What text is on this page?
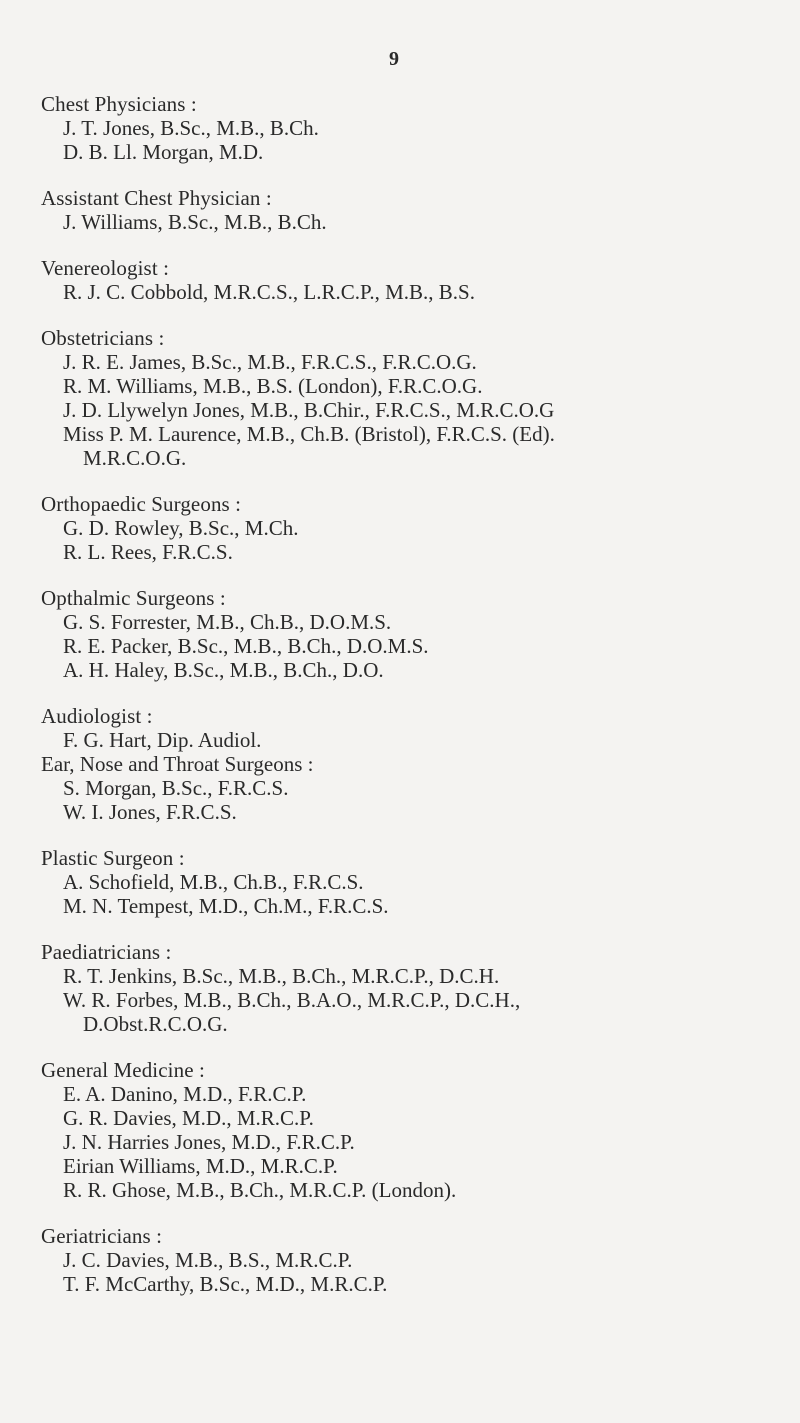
9
Chest Physicians :
J. T. Jones, B.Sc., M.B., B.Ch.
D. B. Ll. Morgan, M.D.
Assistant Chest Physician :
J. Williams, B.Sc., M.B., B.Ch.
Venereologist :
R. J. C. Cobbold, M.R.C.S., L.R.C.P., M.B., B.S.
Obstetricians :
J. R. E. James, B.Sc., M.B., F.R.C.S., F.R.C.O.G.
R. M. Williams, M.B., B.S. (London), F.R.C.O.G.
J. D. Llywelyn Jones, M.B., B.Chir., F.R.C.S., M.R.C.O.G
Miss P. M. Laurence, M.B., Ch.B. (Bristol), F.R.C.S. (Ed).
M.R.C.O.G.
Orthopaedic Surgeons :
G. D. Rowley, B.Sc., M.Ch.
R. L. Rees, F.R.C.S.
Opthalmic Surgeons :
G. S. Forrester, M.B., Ch.B., D.O.M.S.
R. E. Packer, B.Sc., M.B., B.Ch., D.O.M.S.
A. H. Haley, B.Sc., M.B., B.Ch., D.O.
Audiologist :
F. G. Hart, Dip. Audiol.
Ear, Nose and Throat Surgeons :
S. Morgan, B.Sc., F.R.C.S.
W. I. Jones, F.R.C.S.
Plastic Surgeon :
A. Schofield, M.B., Ch.B., F.R.C.S.
M. N. Tempest, M.D., Ch.M., F.R.C.S.
Paediatricians :
R. T. Jenkins, B.Sc., M.B., B.Ch., M.R.C.P., D.C.H.
W. R. Forbes, M.B., B.Ch., B.A.O., M.R.C.P., D.C.H.,
D.Obst.R.C.O.G.
General Medicine :
E. A. Danino, M.D., F.R.C.P.
G. R. Davies, M.D., M.R.C.P.
J. N. Harries Jones, M.D., F.R.C.P.
Eirian Williams, M.D., M.R.C.P.
R. R. Ghose, M.B., B.Ch., M.R.C.P. (London).
Geriatricians :
J. C. Davies, M.B., B.S., M.R.C.P.
T. F. McCarthy, B.Sc., M.D., M.R.C.P.
